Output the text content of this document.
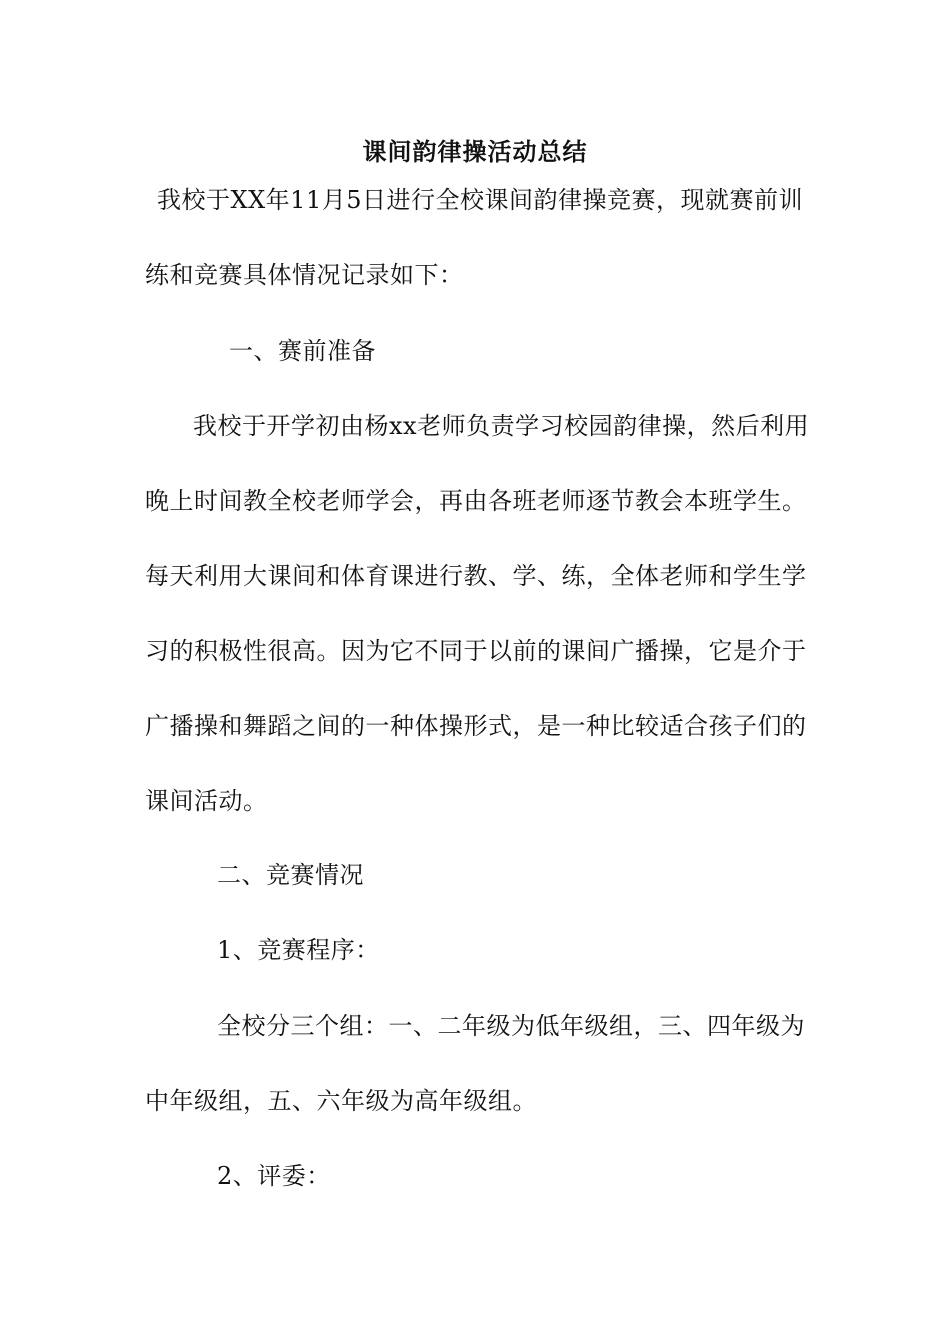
课间韵律操活动总结
我校于XX年11月5日进行全校课间韵律操竞赛，现就赛前训
练和竞赛具体情况记录如下：
一、赛前准备
我校于开学初由杨xx老师负责学习校园韵律操，然后利用
晚上时间教全校老师学会，再由各班老师逐节教会本班学生。
每天利用大课间和体育课进行教、学、练，全体老师和学生学
习的积极性很高。因为它不同于以前的课间广播操，它是介于
广播操和舞蹈之间的一种体操形式，是一种比较适合孩子们的
课间活动。
二、竞赛情况
1、竞赛程序：
全校分三个组：一、二年级为低年级组，三、四年级为
中年级组，五、六年级为高年级组。
2、评委：
